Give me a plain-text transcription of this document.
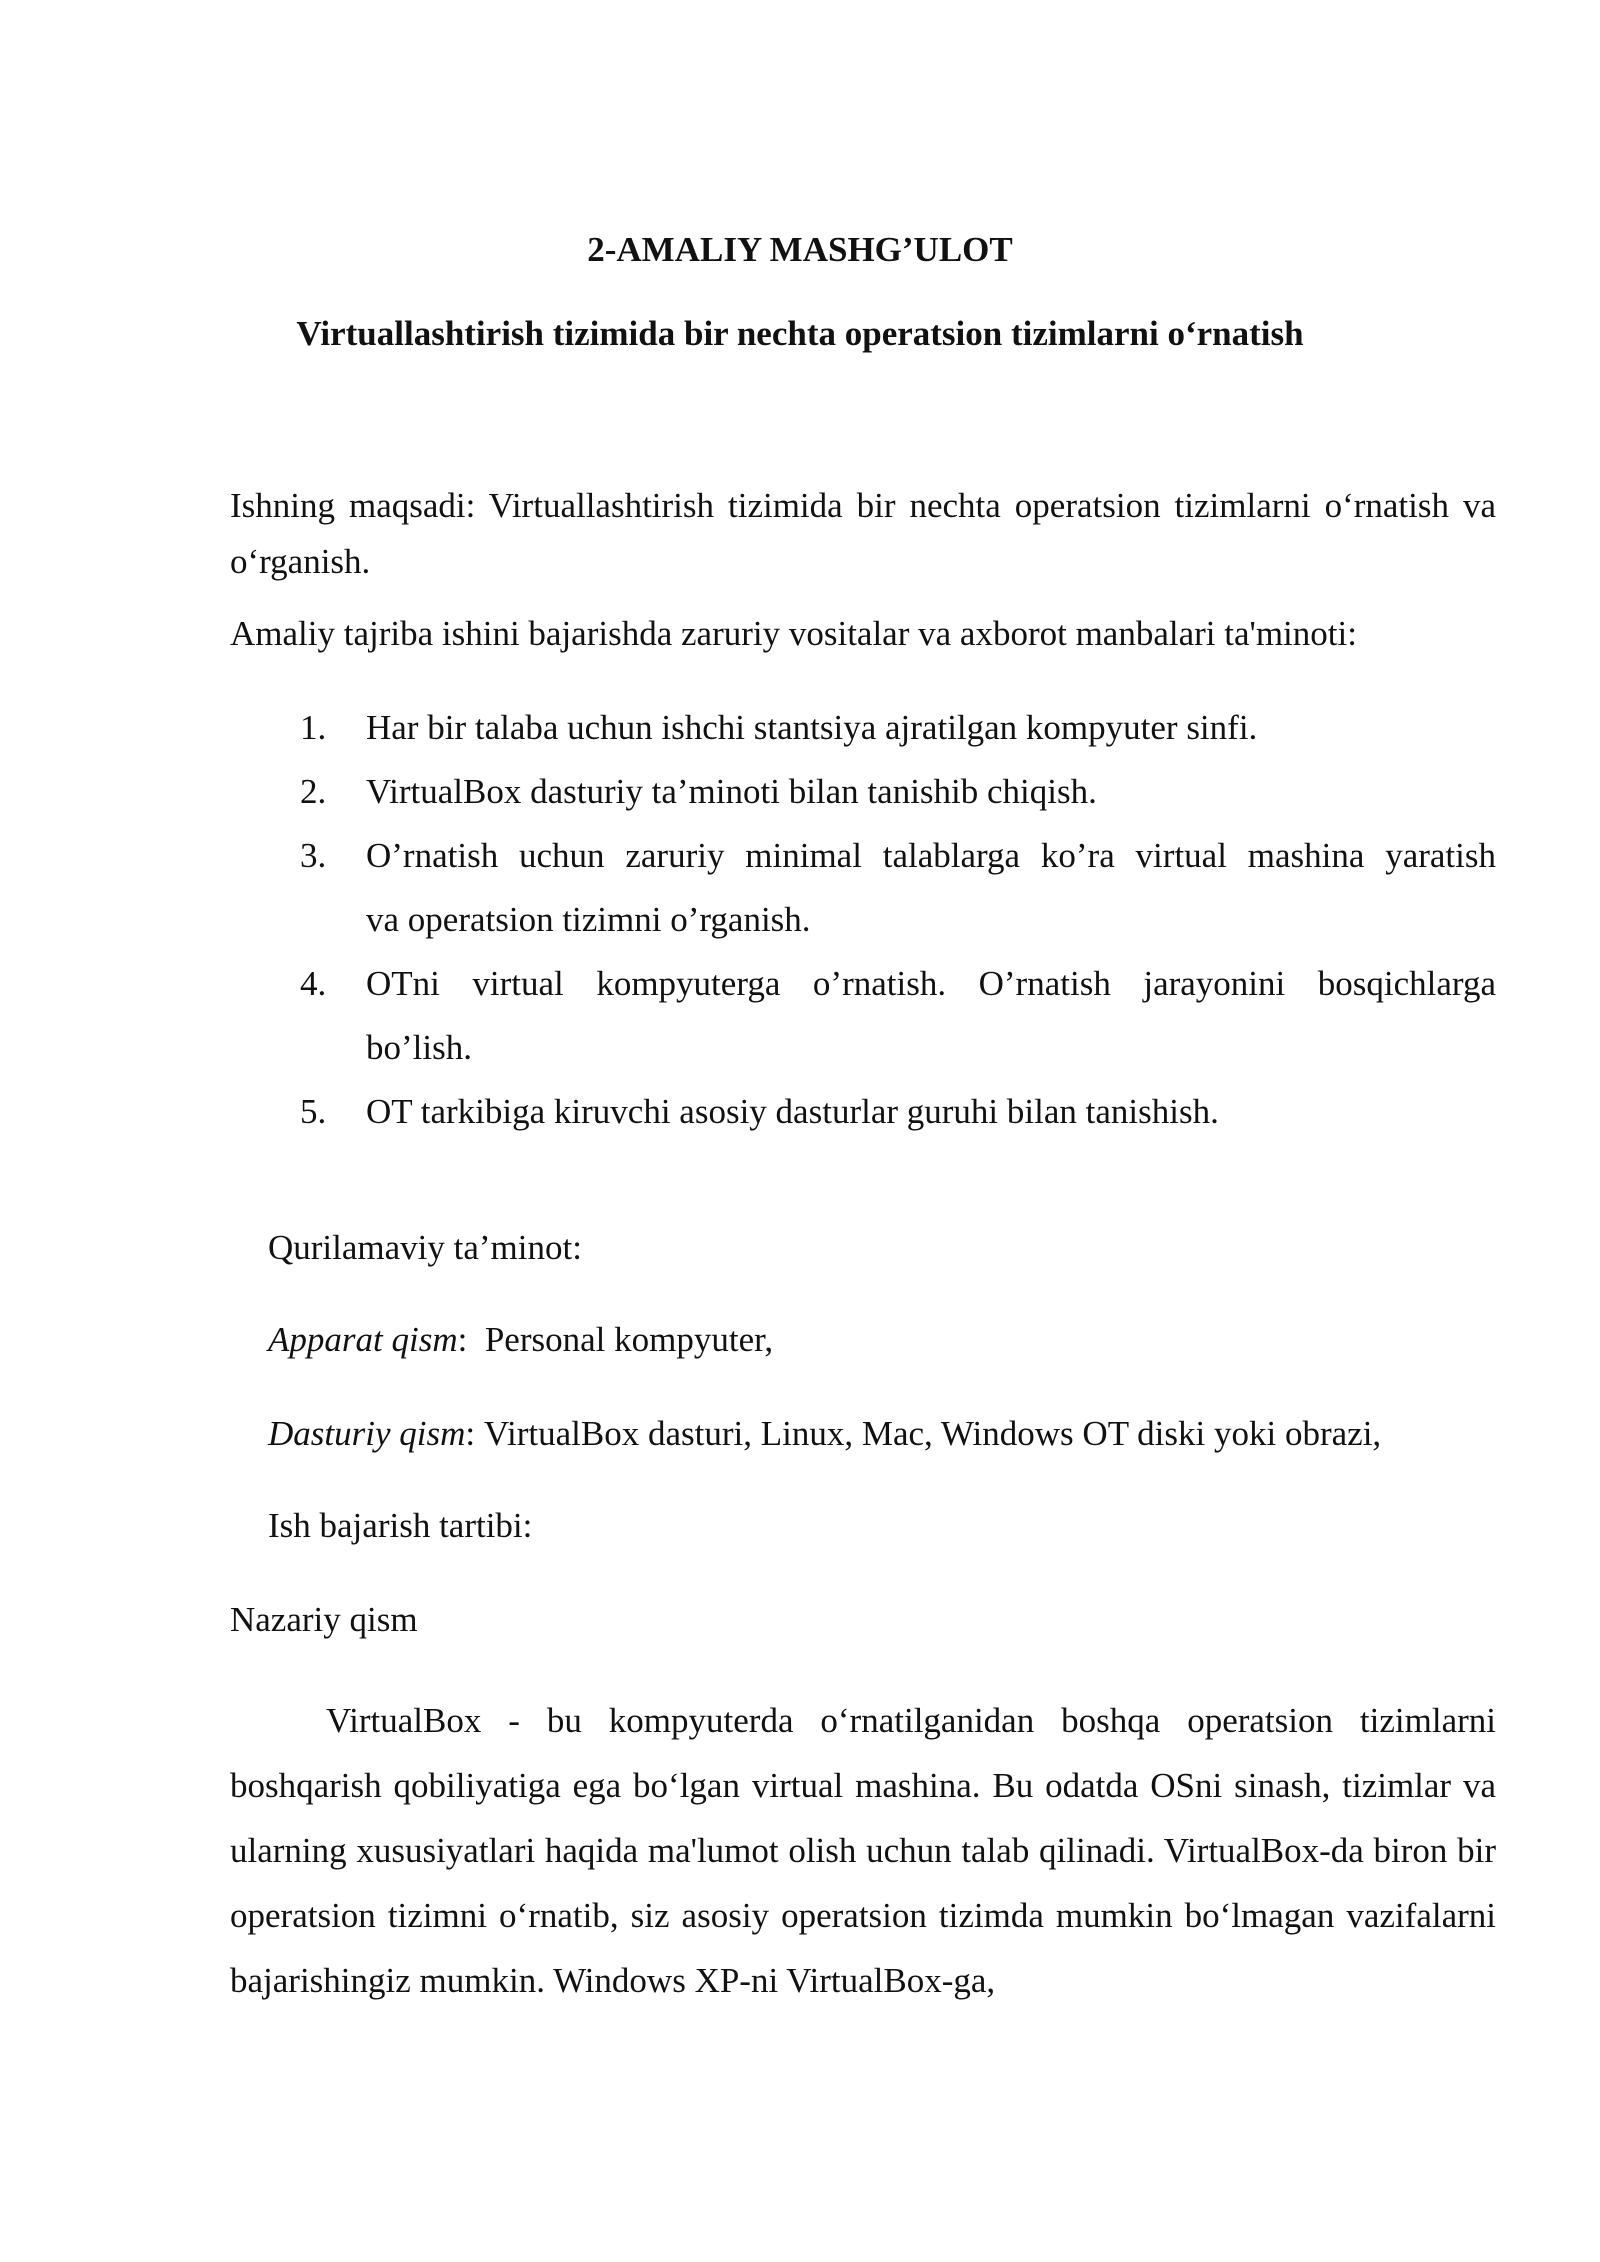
2-AMALIY MASHG’ULOT
Virtuallashtirish tizimida bir nechta operatsion tizimlarni o‘rnatish
Ishning maqsadi: Virtuallashtirish tizimida bir nechta operatsion tizimlarni o‘rnatish va o‘rganish.
Amaliy tajriba ishini bajarishda zaruriy vositalar va axborot manbalari ta'minoti:
1. Har bir talaba uchun ishchi stantsiya ajratilgan kompyuter sinfi.
2. VirtualBox dasturiy ta’minoti bilan tanishib chiqish.
3. O’rnatish uchun zaruriy minimal talablarga ko’ra virtual mashina yaratish
va operatsion tizimni o’rganish.
4. OTni virtual kompyuterga o’rnatish. O’rnatish jarayonini bosqichlarga
bo’lish.
5. OT tarkibiga kiruvchi asosiy dasturlar guruhi bilan tanishish.
Qurilamaviy ta’minot:
Apparat qism: Personal kompyuter,
Dasturiy qism: VirtualBox dasturi, Linux, Mac, Windows OT diski yoki obrazi,
Ish bajarish tartibi:
Nazariy qism
VirtualBox - bu kompyuterda o‘rnatilganidan boshqa operatsion tizimlarni boshqarish qobiliyatiga ega bo‘lgan virtual mashina. Bu odatda OSni sinash, tizimlar va ularning xususiyatlari haqida ma'lumot olish uchun talab qilinadi. VirtualBox-da biron bir operatsion tizimni o‘rnatib, siz asosiy operatsion tizimda mumkin bo‘lmagan vazifalarni bajarishingiz mumkin. Windows XP-ni VirtualBox-ga,
